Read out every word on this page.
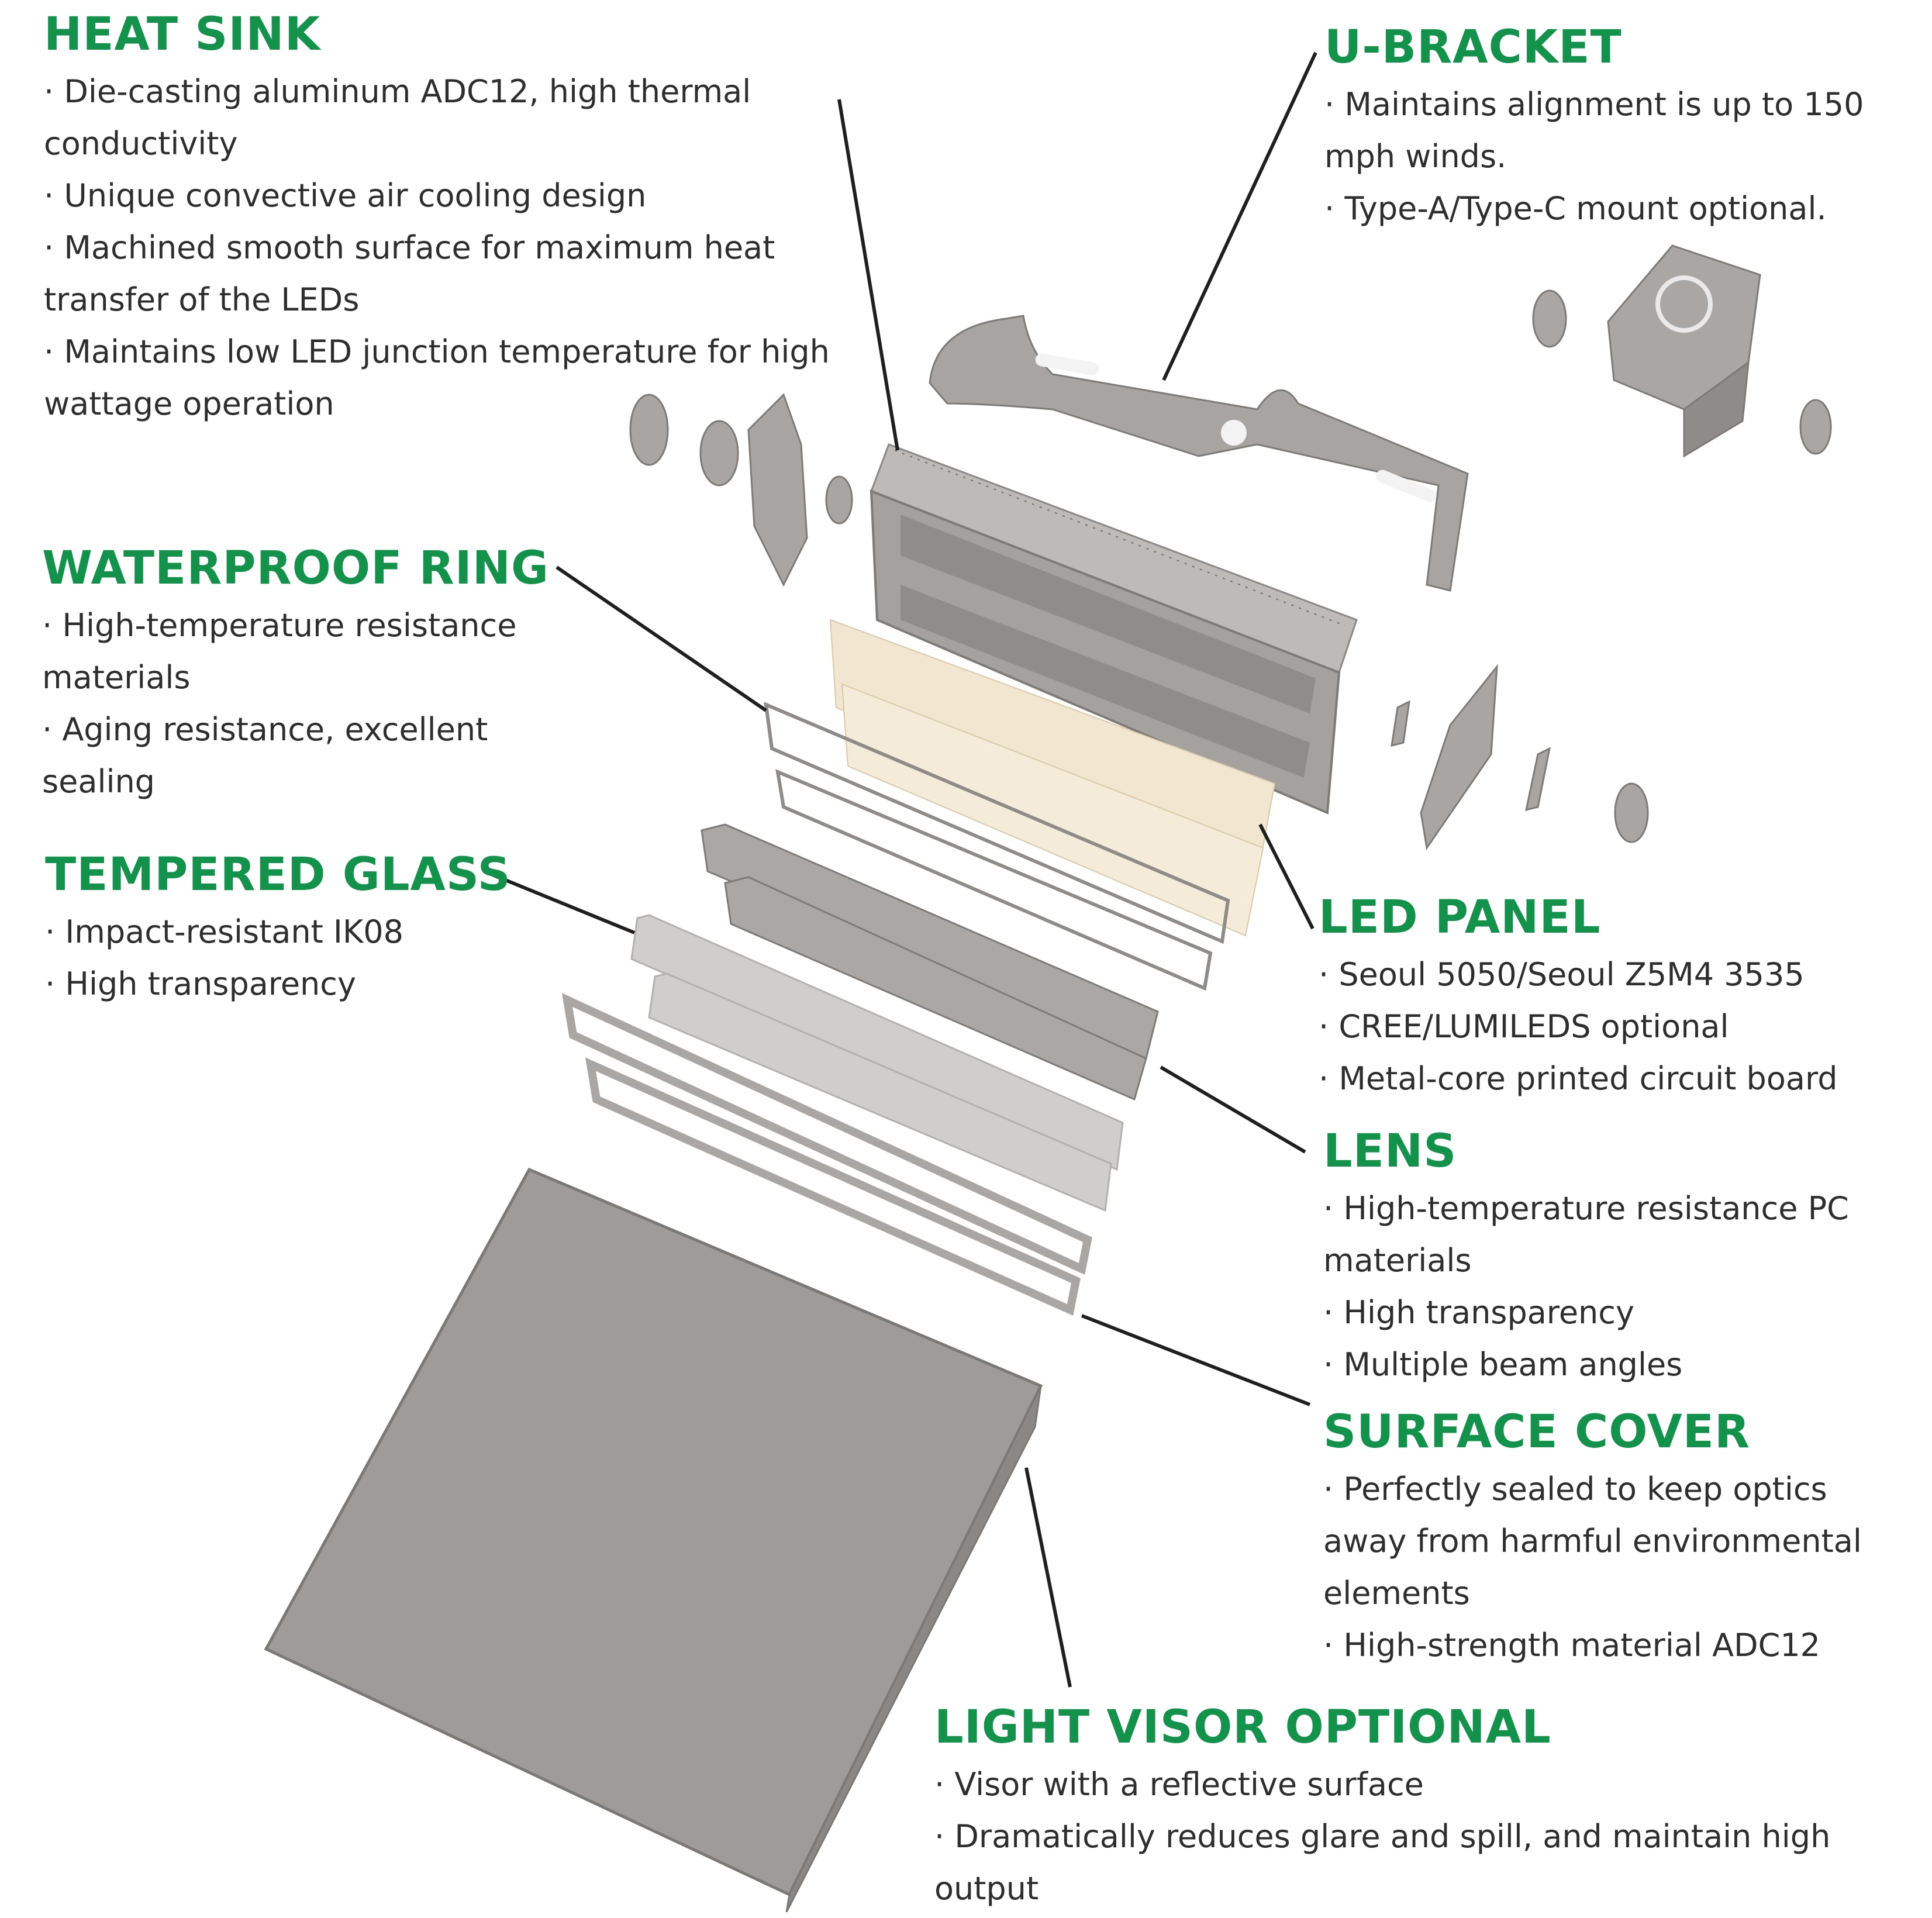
HEAT SINK
· Die-casting aluminum ADC12, high thermal conductivity
· Unique convective air cooling design
· Machined smooth surface for maximum heat transfer of the LEDs
· Maintains low LED junction temperature for high wattage operation
U-BRACKET
· Maintains alignment is up to 150 mph winds.
· Type-A/Type-C mount optional.
WATERPROOF RING
· High-temperature resistance materials
· Aging resistance, excellent sealing
TEMPERED GLASS
· Impact-resistant IK08
· High transparency
LED PANEL
· Seoul 5050/Seoul Z5M4 3535
· CREE/LUMILEDS optional
· Metal-core printed circuit board
LENS
· High-temperature resistance PC materials
· High transparency
· Multiple beam angles
SURFACE COVER
· Perfectly sealed to keep optics away from harmful environmental elements
· High-strength material ADC12
LIGHT VISOR OPTIONAL
· Visor with a reflective surface
· Dramatically reduces glare and spill, and maintain high output
